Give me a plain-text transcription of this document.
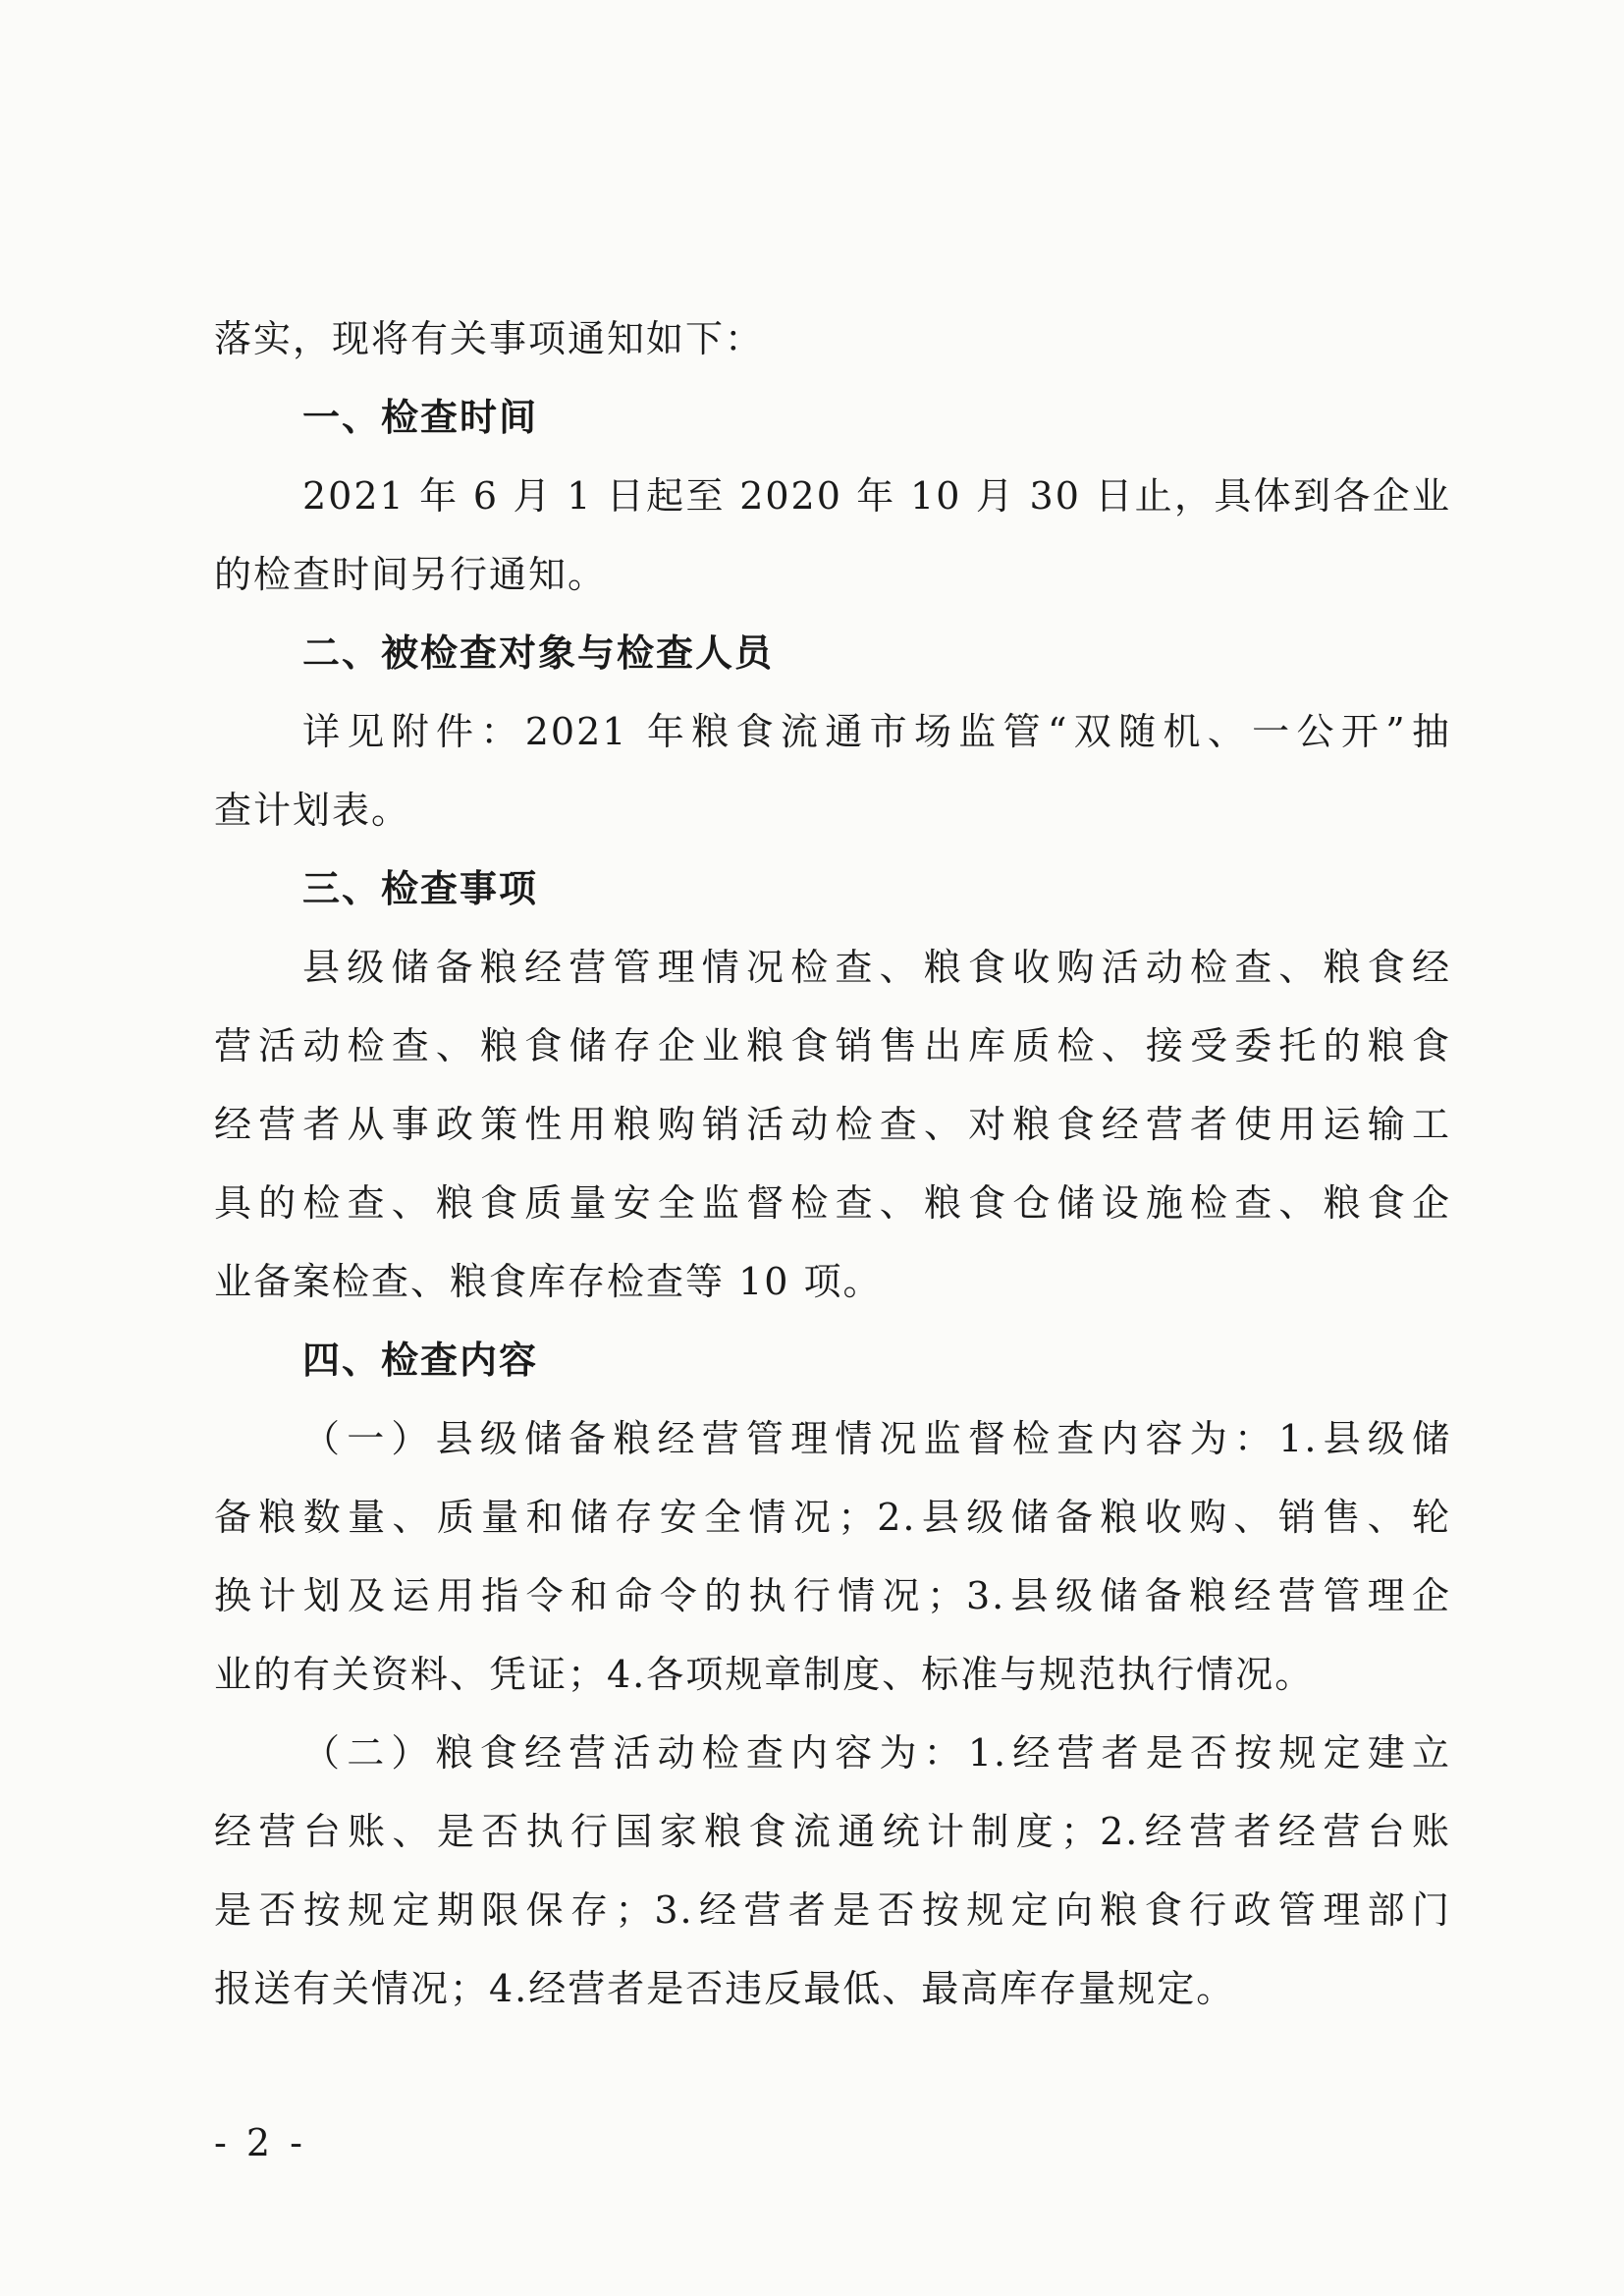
落实，现将有关事项通知如下：
一、检查时间
2021 年 6 月 1 日起至 2020 年 10 月 30 日止，具体到各企业
的检查时间另行通知。
二、被检查对象与检查人员
详见附件：2021 年粮食流通市场监管“双随机、一公开”抽
查计划表。
三、检查事项
县级储备粮经营管理情况检查、粮食收购活动检查、粮食经
营活动检查、粮食储存企业粮食销售出库质检、接受委托的粮食
经营者从事政策性用粮购销活动检查、对粮食经营者使用运输工
具的检查、粮食质量安全监督检查、粮食仓储设施检查、粮食企
业备案检查、粮食库存检查等 10 项。
四、检查内容
（一）县级储备粮经营管理情况监督检查内容为：1.县级储
备粮数量、质量和储存安全情况；2.县级储备粮收购、销售、轮
换计划及运用指令和命令的执行情况；3.县级储备粮经营管理企
业的有关资料、凭证；4.各项规章制度、标准与规范执行情况。
（二）粮食经营活动检查内容为：1.经营者是否按规定建立
经营台账、是否执行国家粮食流通统计制度；2.经营者经营台账
是否按规定期限保存；3.经营者是否按规定向粮食行政管理部门
报送有关情况；4.经营者是否违反最低、最高库存量规定。
- 2 -
